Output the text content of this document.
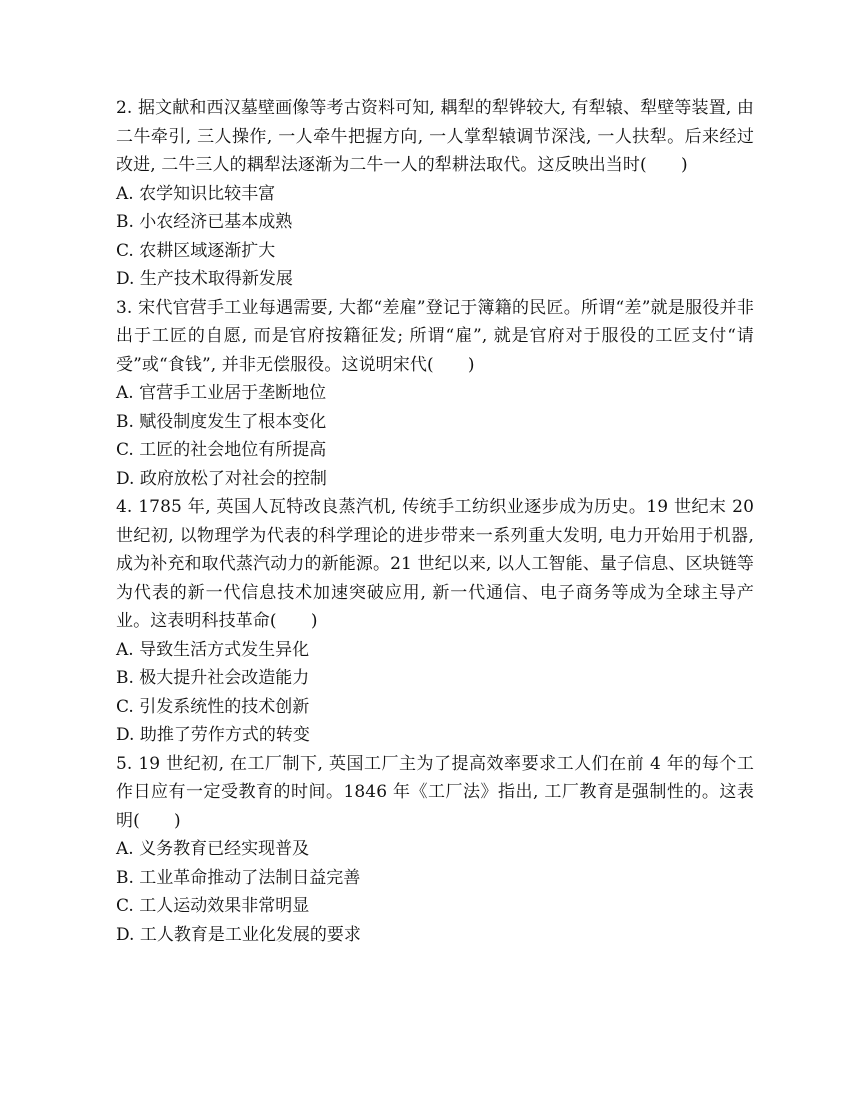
2. 据文献和西汉墓壁画像等考古资料可知, 耦犁的犁铧较大, 有犁辕、犁壁等装置, 由二牛牵引, 三人操作, 一人牵牛把握方向, 一人掌犁辕调节深浅, 一人扶犁。后来经过改进, 二牛三人的耦犁法逐渐为二牛一人的犁耕法取代。这反映出当时(　　)

A. 农学知识比较丰富

B. 小农经济已基本成熟

C. 农耕区域逐渐扩大

D. 生产技术取得新发展

3. 宋代官营手工业每遇需要, 大都“差雇”登记于簿籍的民匠。所谓“差”就是服役并非出于工匠的自愿, 而是官府按籍征发; 所谓“雇”, 就是官府对于服役的工匠支付“请受”或“食钱”, 并非无偿服役。这说明宋代(　　)

A. 官营手工业居于垄断地位

B. 赋役制度发生了根本变化

C. 工匠的社会地位有所提高

D. 政府放松了对社会的控制

4. 1785 年, 英国人瓦特改良蒸汽机, 传统手工纺织业逐步成为历史。19 世纪末 20 世纪初, 以物理学为代表的科学理论的进步带来一系列重大发明, 电力开始用于机器, 成为补充和取代蒸汽动力的新能源。21 世纪以来, 以人工智能、量子信息、区块链等为代表的新一代信息技术加速突破应用, 新一代通信、电子商务等成为全球主导产业。这表明科技革命(　　)

A. 导致生活方式发生异化

B. 极大提升社会改造能力

C. 引发系统性的技术创新

D. 助推了劳作方式的转变

5. 19 世纪初, 在工厂制下, 英国工厂主为了提高效率要求工人们在前 4 年的每个工作日应有一定受教育的时间。1846 年《工厂法》指出, 工厂教育是强制性的。这表明(　　)

A. 义务教育已经实现普及

B. 工业革命推动了法制日益完善

C. 工人运动效果非常明显

D. 工人教育是工业化发展的要求
